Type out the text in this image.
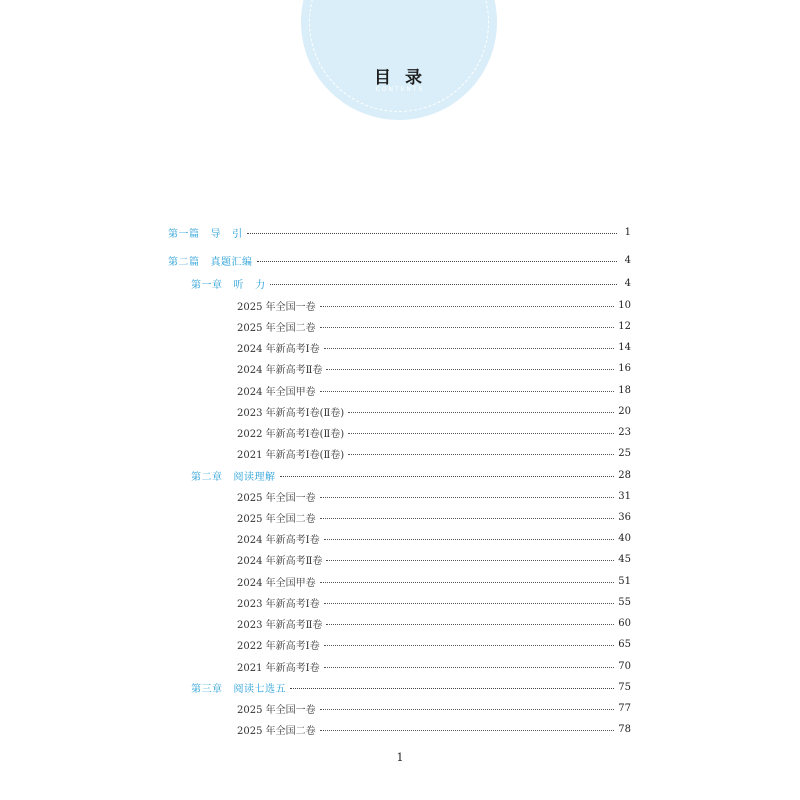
目 录
CONTENTS
第一篇   导   引	1
第二篇   真题汇编	4
第一章   听   力	4
2025 年全国一卷	10
2025 年全国二卷	12
2024 年新高考Ⅰ卷	14
2024 年新高考Ⅱ卷	16
2024 年全国甲卷	18
2023 年新高考Ⅰ卷(Ⅱ卷)	20
2022 年新高考Ⅰ卷(Ⅱ卷)	23
2021 年新高考Ⅰ卷(Ⅱ卷)	25
第二章   阅读理解	28
2025 年全国一卷	31
2025 年全国二卷	36
2024 年新高考Ⅰ卷	40
2024 年新高考Ⅱ卷	45
2024 年全国甲卷	51
2023 年新高考Ⅰ卷	55
2023 年新高考Ⅱ卷	60
2022 年新高考Ⅰ卷	65
2021 年新高考Ⅰ卷	70
第三章   阅读七选五	75
2025 年全国一卷	77
2025 年全国二卷	78
1
